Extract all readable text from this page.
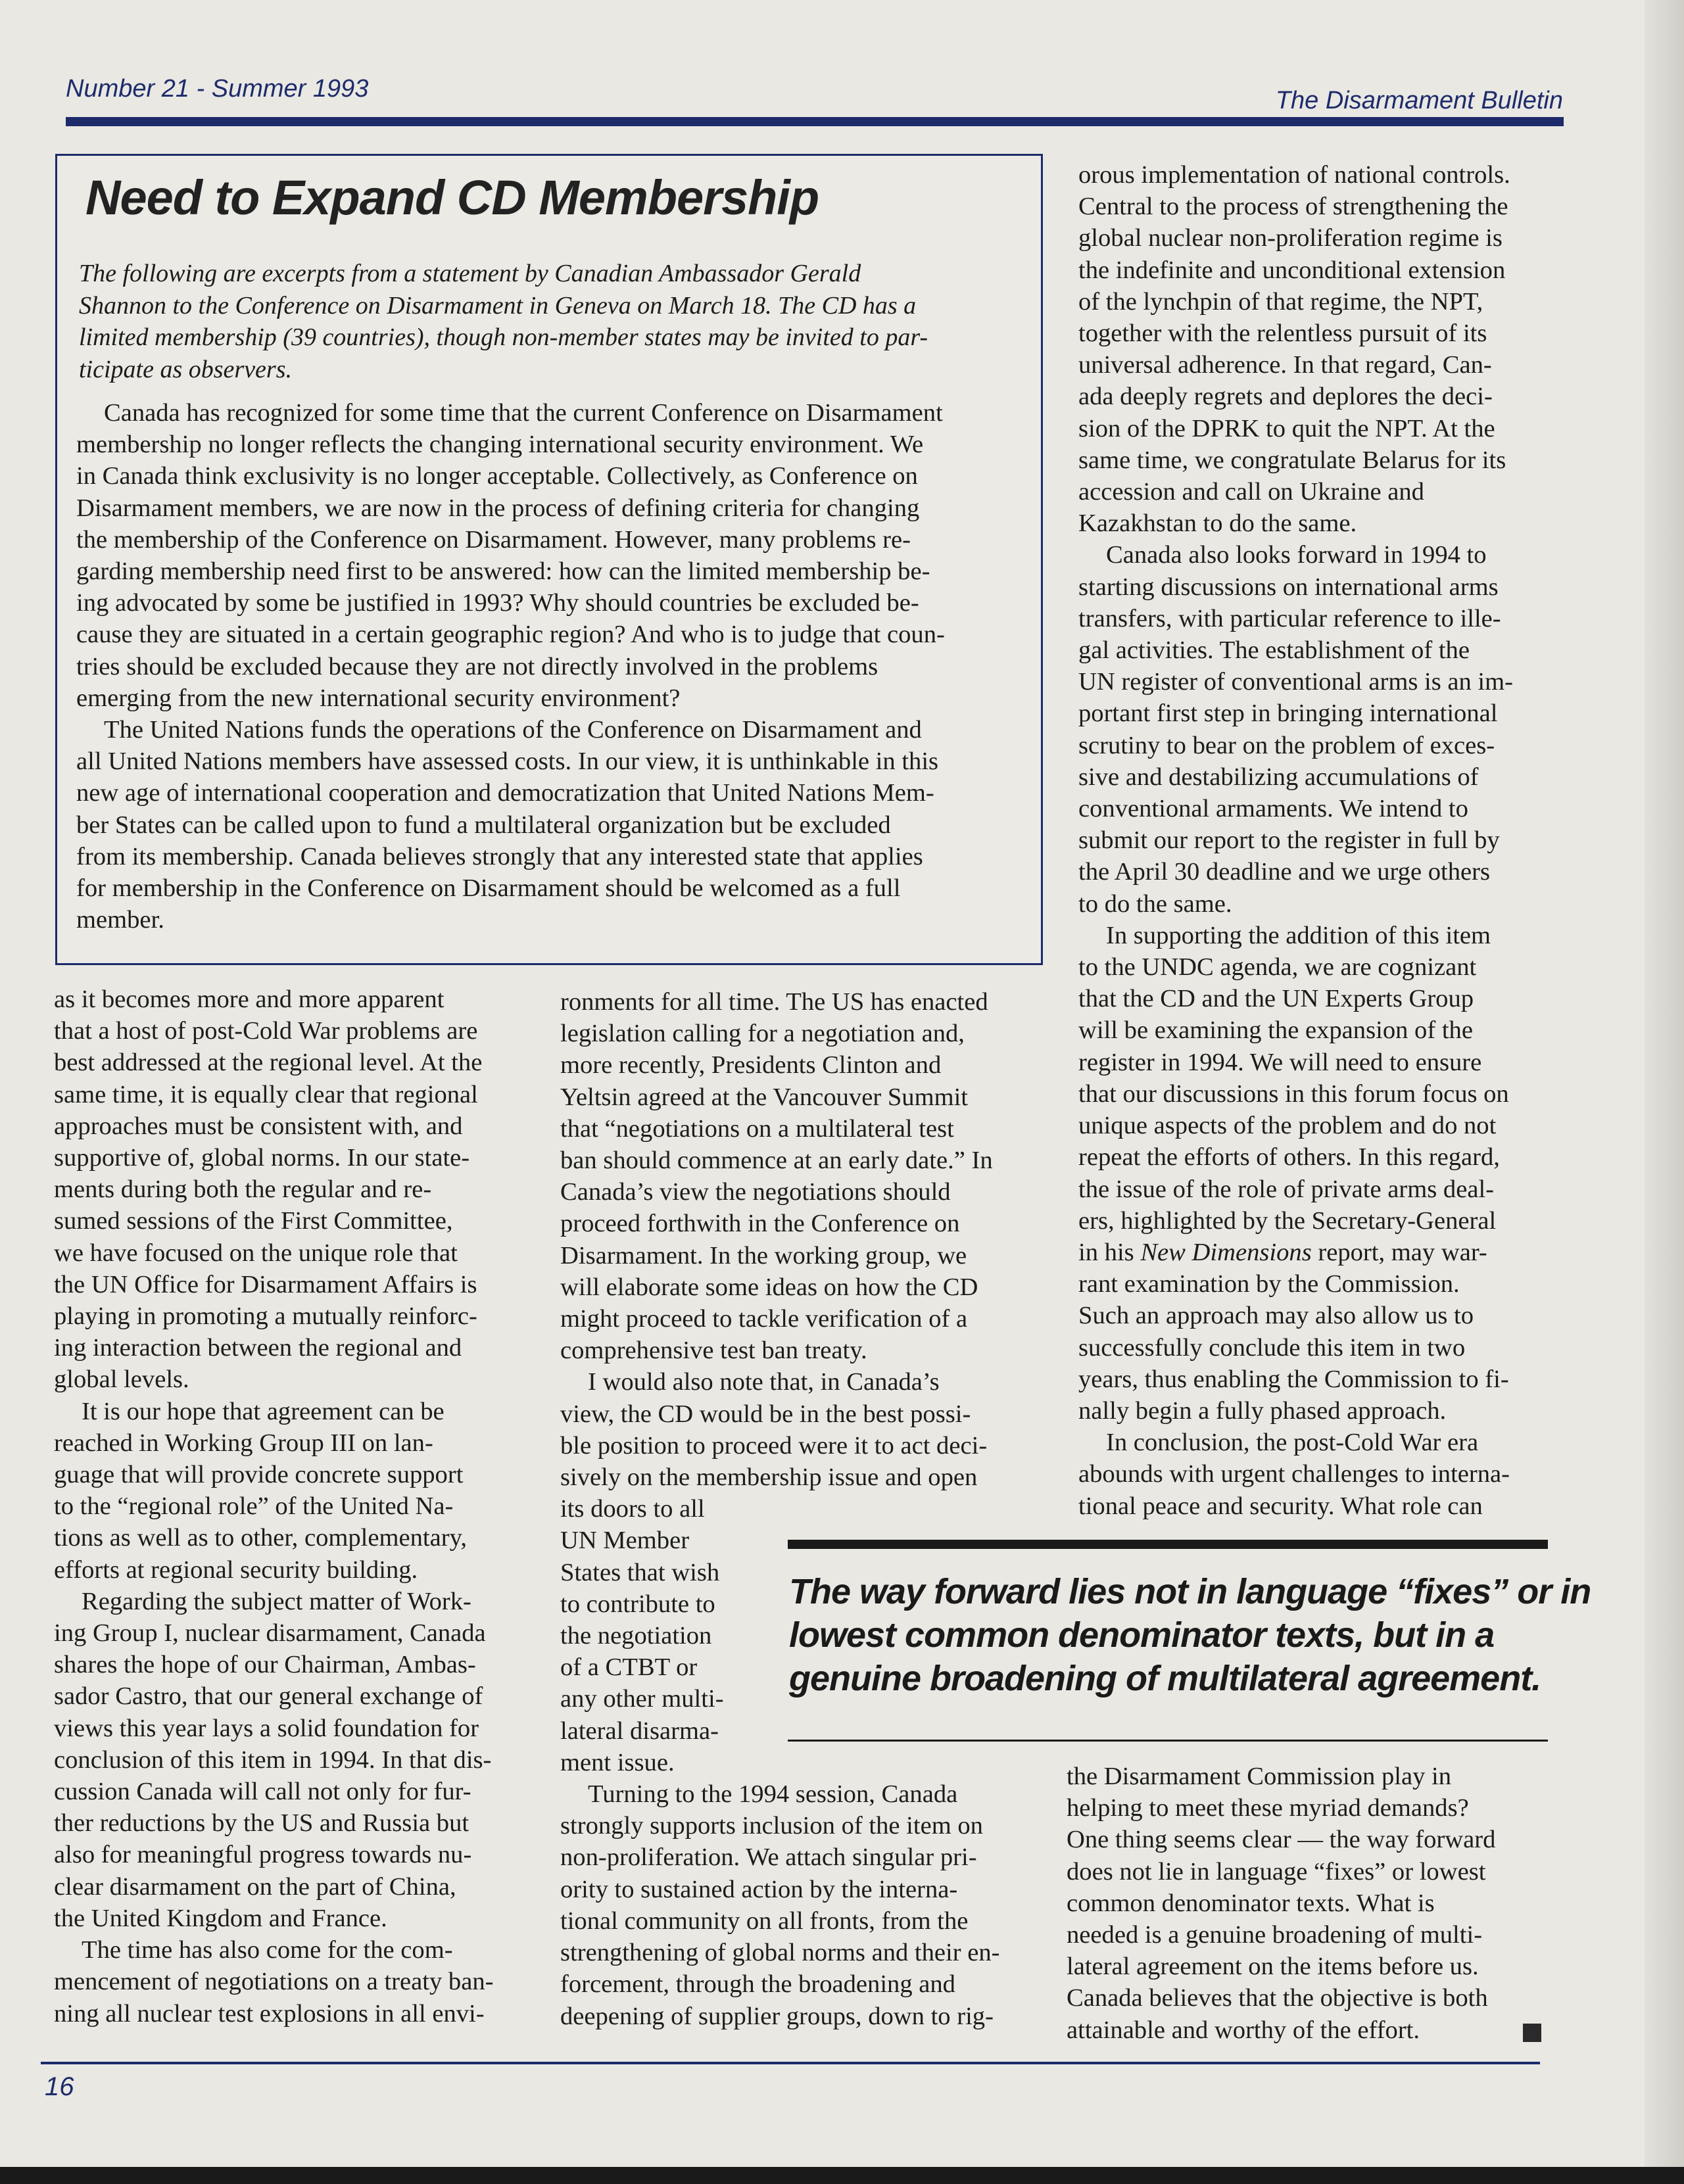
Number 21 - Summer 1993	The Disarmament Bulletin
Need to Expand CD Membership

The following are excerpts from a statement by Canadian Ambassador Gerald

Shannon to the Conference on Disarmament in Geneva on March 18. The CD has a

limited membership (39 countries), though non-member states may be invited to par-

ticipate as observers.

Canada has recognized for some time that the current Conference on Disarmament

membership no longer reflects the changing international security environment. We

in Canada think exclusivity is no longer acceptable. Collectively, as Conference on

Disarmament members, we are now in the process of defining criteria for changing

the membership of the Conference on Disarmament. However, many problems re-

garding membership need first to be answered: how can the limited membership be-

ing advocated by some be justified in 1993? Why should countries be excluded be-

cause they are situated in a certain geographic region? And who is to judge that coun-

tries should be excluded because they are not directly involved in the problems

emerging from the new international security environment?

The United Nations funds the operations of the Conference on Disarmament and

all United Nations members have assessed costs. In our view, it is unthinkable in this

new age of international cooperation and democratization that United Nations Mem-

ber States can be called upon to fund a multilateral organization but be excluded

from its membership. Canada believes strongly that any interested state that applies

for membership in the Conference on Disarmament should be welcomed as a full

member.

as it becomes more and more apparent

that a host of post-Cold War problems are

best addressed at the regional level. At the

same time, it is equally clear that regional

approaches must be consistent with, and

supportive of, global norms. In our state-

ments during both the regular and re-

sumed sessions of the First Committee,

we have focused on the unique role that

the UN Office for Disarmament Affairs is

playing in promoting a mutually reinforc-

ing interaction between the regional and

global levels.

It is our hope that agreement can be

reached in Working Group III on lan-

guage that will provide concrete support

to the “regional role” of the United Na-

tions as well as to other, complementary,

efforts at regional security building.

Regarding the subject matter of Work-

ing Group I, nuclear disarmament, Canada

shares the hope of our Chairman, Ambas-

sador Castro, that our general exchange of

views this year lays a solid foundation for

conclusion of this item in 1994. In that dis-

cussion Canada will call not only for fur-

ther reductions by the US and Russia but

also for meaningful progress towards nu-

clear disarmament on the part of China,

the United Kingdom and France.

The time has also come for the com-

mencement of negotiations on a treaty ban-

ning all nuclear test explosions in all envi-

ronments for all time. The US has enacted

legislation calling for a negotiation and,

more recently, Presidents Clinton and

Yeltsin agreed at the Vancouver Summit

that “negotiations on a multilateral test

ban should commence at an early date.” In

Canada’s view the negotiations should

proceed forthwith in the Conference on

Disarmament. In the working group, we

will elaborate some ideas on how the CD

might proceed to tackle verification of a

comprehensive test ban treaty.

I would also note that, in Canada’s

view, the CD would be in the best possi-

ble position to proceed were it to act deci-

sively on the membership issue and open

its doors to all

UN Member

States that wish

to contribute to

the negotiation

of a CTBT or

any other multi-

lateral disarma-

ment issue.

Turning to the 1994 session, Canada

strongly supports inclusion of the item on

non-proliferation. We attach singular pri-

ority to sustained action by the interna-

tional community on all fronts, from the

strengthening of global norms and their en-

forcement, through the broadening and

deepening of supplier groups, down to rig-

orous implementation of national controls.

Central to the process of strengthening the

global nuclear non-proliferation regime is

the indefinite and unconditional extension

of the lynchpin of that regime, the NPT,

together with the relentless pursuit of its

universal adherence. In that regard, Can-

ada deeply regrets and deplores the deci-

sion of the DPRK to quit the NPT. At the

same time, we congratulate Belarus for its

accession and call on Ukraine and

Kazakhstan to do the same.

Canada also looks forward in 1994 to

starting discussions on international arms

transfers, with particular reference to ille-

gal activities. The establishment of the

UN register of conventional arms is an im-

portant first step in bringing international

scrutiny to bear on the problem of exces-

sive and destabilizing accumulations of

conventional armaments. We intend to

submit our report to the register in full by

the April 30 deadline and we urge others

to do the same.

In supporting the addition of this item

to the UNDC agenda, we are cognizant

that the CD and the UN Experts Group

will be examining the expansion of the

register in 1994. We will need to ensure

that our discussions in this forum focus on

unique aspects of the problem and do not

repeat the efforts of others. In this regard,

the issue of the role of private arms deal-

ers, highlighted by the Secretary-General

in his New Dimensions report, may war-

rant examination by the Commission.

Such an approach may also allow us to

successfully conclude this item in two

years, thus enabling the Commission to fi-

nally begin a fully phased approach.

In conclusion, the post-Cold War era

abounds with urgent challenges to interna-

tional peace and security. What role can

The way forward lies not in language “fixes” or in
lowest common denominator texts, but in a
genuine broadening of multilateral agreement.

the Disarmament Commission play in

helping to meet these myriad demands?

One thing seems clear — the way forward

does not lie in language “fixes” or lowest

common denominator texts. What is

needed is a genuine broadening of multi-

lateral agreement on the items before us.

Canada believes that the objective is both

attainable and worthy of the effort.

16
